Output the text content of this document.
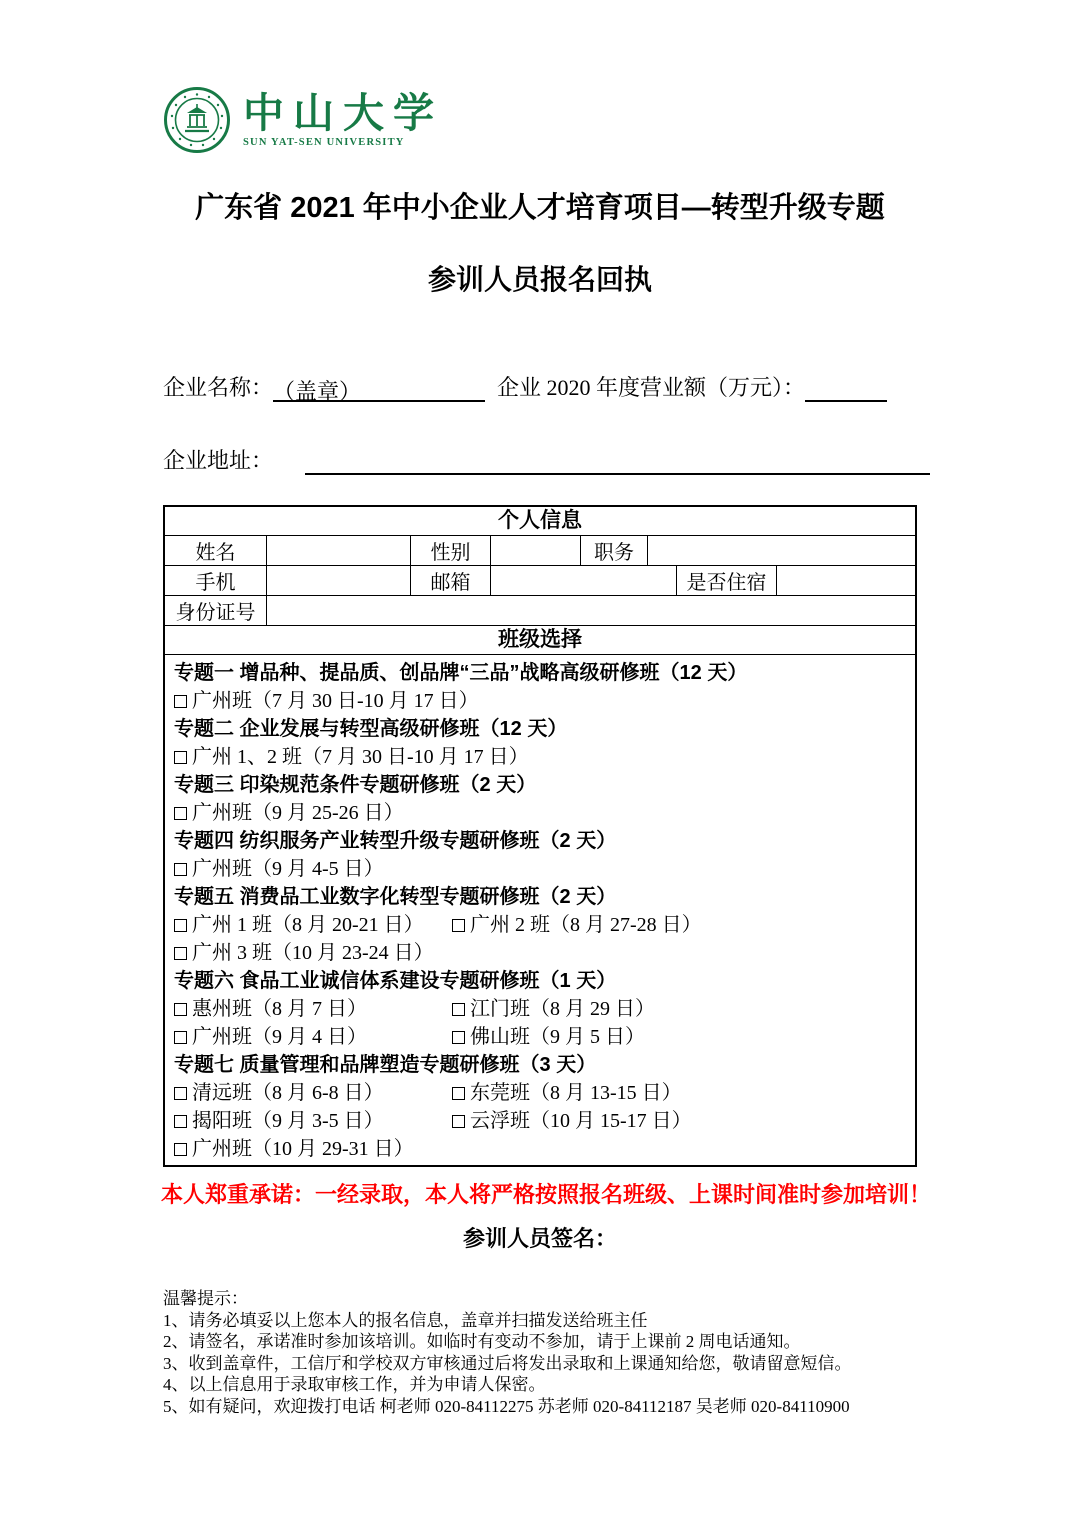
中山大学
SUN YAT-SEN UNIVERSITY
广东省 2021 年中小企业人才培育项目—转型升级专题
参训人员报名回执
企业名称：（盖章）	企业 2020 年度营业额（万元）：
企业地址：
个人信息
姓名	性别	职务
手机	邮箱	是否住宿
身份证号
班级选择
专题一 增品种、提品质、创品牌“三品”战略高级研修班（12 天）
广州班（7 月 30 日-10 月 17 日）
专题二 企业发展与转型高级研修班（12 天）
广州 1、2 班（7 月 30 日-10 月 17 日）
专题三 印染规范条件专题研修班（2 天）
广州班（9 月 25-26 日）
专题四 纺织服务产业转型升级专题研修班（2 天）
广州班（9 月 4-5 日）
专题五 消费品工业数字化转型专题研修班（2 天）
广州 1 班（8 月 20-21 日）	广州 2 班（8 月 27-28 日）
广州 3 班（10 月 23-24 日）
专题六 食品工业诚信体系建设专题研修班（1 天）
惠州班（8 月 7 日）	江门班（8 月 29 日）
广州班（9 月 4 日）	佛山班（9 月 5 日）
专题七 质量管理和品牌塑造专题研修班（3 天）
清远班（8 月 6-8 日）	东莞班（8 月 13-15 日）
揭阳班（9 月 3-5 日）	云浮班（10 月 15-17 日）
广州班（10 月 29-31 日）
本人郑重承诺：一经录取，本人将严格按照报名班级、上课时间准时参加培训！
参训人员签名：
温馨提示：
1、请务必填妥以上您本人的报名信息，盖章并扫描发送给班主任
2、请签名，承诺准时参加该培训。如临时有变动不参加，请于上课前 2 周电话通知。
3、收到盖章件，工信厅和学校双方审核通过后将发出录取和上课通知给您，敬请留意短信。
4、以上信息用于录取审核工作，并为申请人保密。
5、如有疑问，欢迎拨打电话 柯老师 020-84112275 苏老师 020-84112187 吴老师 020-84110900
